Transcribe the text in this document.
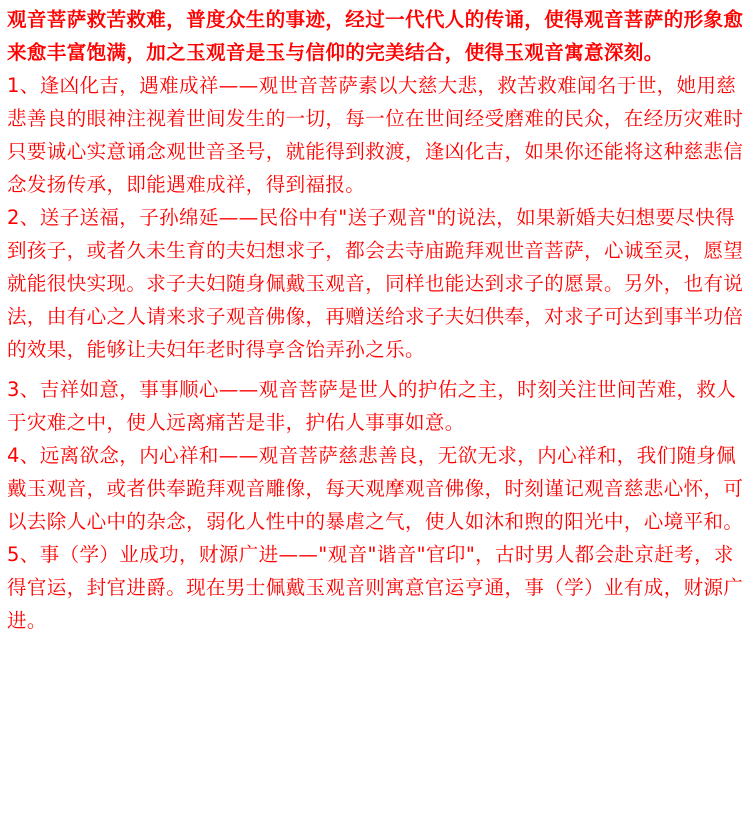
观音菩萨救苦救难，普度众生的事迹，经过一代代人的传诵，使得观音菩萨的形象愈来愈丰富饱满，加之玉观音是玉与信仰的完美结合，使得玉观音寓意深刻。

1、逢凶化吉，遇难成祥——观世音菩萨素以大慈大悲，救苦救难闻名于世，她用慈悲善良的眼神注视着世间发生的一切，每一位在世间经受磨难的民众，在经历灾难时只要诚心实意诵念观世音圣号，就能得到救渡，逢凶化吉，如果你还能将这种慈悲信念发扬传承，即能遇难成祥，得到福报。

2、送子送福，子孙绵延——民俗中有"送子观音"的说法，如果新婚夫妇想要尽快得到孩子，或者久未生育的夫妇想求子，都会去寺庙跪拜观世音菩萨，心诚至灵，愿望就能很快实现。求子夫妇随身佩戴玉观音，同样也能达到求子的愿景。另外，也有说法，由有心之人请来求子观音佛像，再赠送给求子夫妇供奉，对求子可达到事半功倍的效果，能够让夫妇年老时得享含饴弄孙之乐。

3、吉祥如意，事事顺心——观音菩萨是世人的护佑之主，时刻关注世间苦难，救人于灾难之中，使人远离痛苦是非，护佑人事事如意。

4、远离欲念，内心祥和——观音菩萨慈悲善良，无欲无求，内心祥和，我们随身佩戴玉观音，或者供奉跪拜观音雕像，每天观摩观音佛像，时刻谨记观音慈悲心怀，可以去除人心中的杂念，弱化人性中的暴虐之气，使人如沐和煦的阳光中，心境平和。

5、事（学）业成功，财源广进——"观音"谐音"官印"，古时男人都会赴京赶考，求得官运，封官进爵。现在男士佩戴玉观音则寓意官运亨通，事（学）业有成，财源广进。
